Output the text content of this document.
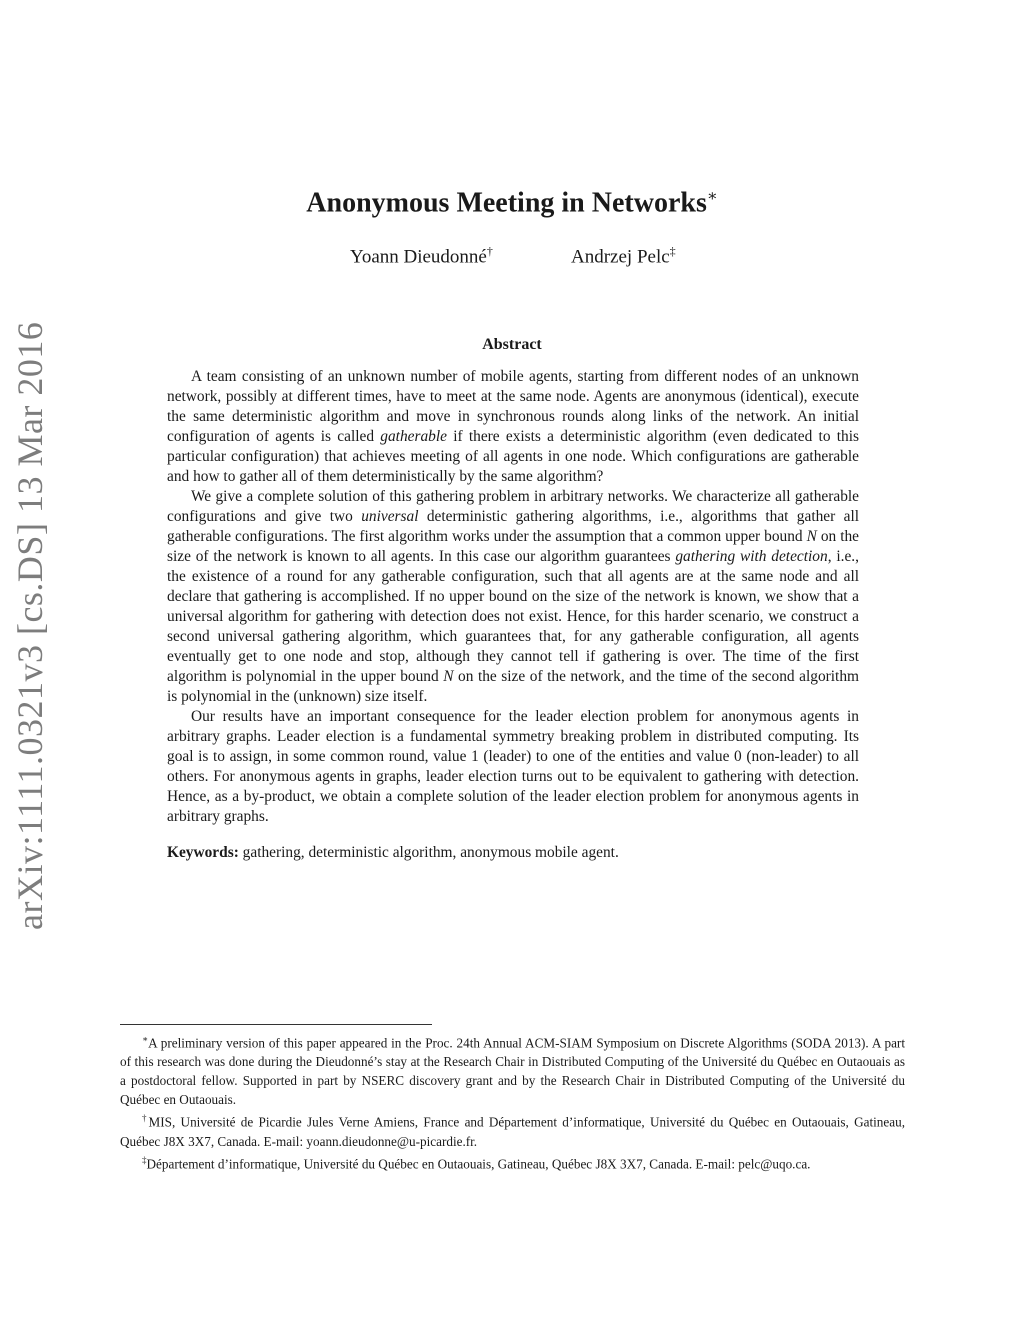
arXiv:1111.0321v3 [cs.DS] 13 Mar 2016
Anonymous Meeting in Networks∗
Yoann Dieudonné†	Andrzej Pelc‡
Abstract

A team consisting of an unknown number of mobile agents, starting from different nodes of an unknown network, possibly at different times, have to meet at the same node. Agents are anonymous (identical), execute the same deterministic algorithm and move in synchronous rounds along links of the network. An initial configuration of agents is called gatherable if there exists a deterministic algorithm (even dedicated to this particular configuration) that achieves meeting of all agents in one node. Which configurations are gatherable and how to gather all of them deterministically by the same algorithm?

We give a complete solution of this gathering problem in arbitrary networks. We characterize all gatherable configurations and give two universal deterministic gathering algorithms, i.e., algorithms that gather all gatherable configurations. The first algorithm works under the assumption that a common upper bound N on the size of the network is known to all agents. In this case our algorithm guarantees gathering with detection, i.e., the existence of a round for any gatherable configuration, such that all agents are at the same node and all declare that gathering is accomplished. If no upper bound on the size of the network is known, we show that a universal algorithm for gathering with detection does not exist. Hence, for this harder scenario, we construct a second universal gathering algorithm, which guarantees that, for any gatherable configuration, all agents eventually get to one node and stop, although they cannot tell if gathering is over. The time of the first algorithm is polynomial in the upper bound N on the size of the network, and the time of the second algorithm is polynomial in the (unknown) size itself.

Our results have an important consequence for the leader election problem for anonymous agents in arbitrary graphs. Leader election is a fundamental symmetry breaking problem in distributed computing. Its goal is to assign, in some common round, value 1 (leader) to one of the entities and value 0 (non-leader) to all others. For anonymous agents in graphs, leader election turns out to be equivalent to gathering with detection. Hence, as a by-product, we obtain a complete solution of the leader election problem for anonymous agents in arbitrary graphs.

Keywords: gathering, deterministic algorithm, anonymous mobile agent.

∗A preliminary version of this paper appeared in the Proc. 24th Annual ACM-SIAM Symposium on Discrete Algorithms (SODA 2013). A part of this research was done during the Dieudonné’s stay at the Research Chair in Distributed Computing of the Université du Québec en Outaouais as a postdoctoral fellow. Supported in part by NSERC discovery grant and by the Research Chair in Distributed Computing of the Université du Québec en Outaouais.

†MIS, Université de Picardie Jules Verne Amiens, France and Département d’informatique, Université du Québec en Outaouais, Gatineau, Québec J8X 3X7, Canada. E-mail: yoann.dieudonne@u-picardie.fr.

‡Département d’informatique, Université du Québec en Outaouais, Gatineau, Québec J8X 3X7, Canada. E-mail: pelc@uqo.ca.
